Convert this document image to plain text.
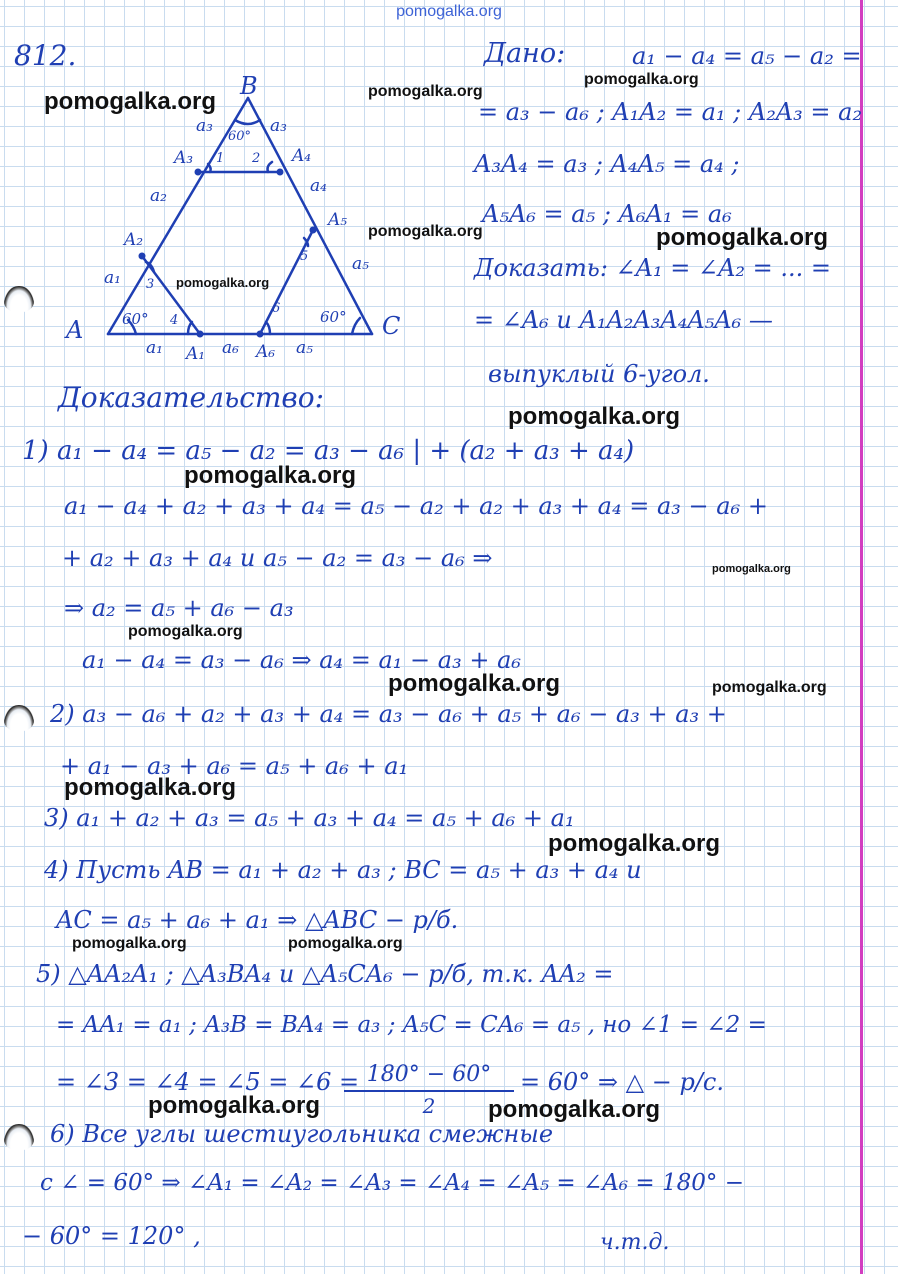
pomogalka.org
812.	Дано:	a₁ − a₄ = a₅ − a₂ =
= a₃ − a₆ ; A₁A₂ = a₁ ; A₂A₃ = a₂
A₃A₄ = a₃ ; A₄A₅ = a₄ ;
A₅A₆ = a₅ ; A₆A₁ = a₆
Доказать: ∠A₁ = ∠A₂ = ... =
= ∠A₆ и A₁A₂A₃A₄A₅A₆ —
выпуклый 6-угол.
B
A	C
60°
60°	60°
A₃	A₄
A₂
A₅
A₁	A₆
a₃	a₃
a₂	a₄
a₁
a₅
a₁	a₆	a₅
1 2
3
4
5
6
Доказательство:
1) a₁ − a₄ = a₅ − a₂ = a₃ − a₆ | + (a₂ + a₃ + a₄)
a₁ − a₄ + a₂ + a₃ + a₄ = a₅ − a₂ + a₂ + a₃ + a₄ = a₃ − a₆ +
+ a₂ + a₃ + a₄ и a₅ − a₂ = a₃ − a₆ ⇒
⇒ a₂ = a₅ + a₆ − a₃
a₁ − a₄ = a₃ − a₆ ⇒ a₄ = a₁ − a₃ + a₆
2) a₃ − a₆ + a₂ + a₃ + a₄ = a₃ − a₆ + a₅ + a₆ − a₃ + a₃ +
+ a₁ − a₃ + a₆ = a₅ + a₆ + a₁
3) a₁ + a₂ + a₃ = a₅ + a₃ + a₄ = a₅ + a₆ + a₁
4) Пусть AB = a₁ + a₂ + a₃ ; BC = a₅ + a₃ + a₄ и
AC = a₅ + a₆ + a₁ ⇒ △ABC − р/б.
5) △AA₂A₁ ; △A₃BA₄ и △A₅CA₆ − р/б, т.к. AA₂ =
= AA₁ = a₁ ; A₃B = BA₄ = a₃ ; A₅C = CA₆ = a₅ , но ∠1 = ∠2 =
= ∠3 = ∠4 = ∠5 = ∠6 = 180° − 60°
2
= 60° ⇒ △ − р/с.
6) Все углы шестиугольника смежные
с ∠ = 60° ⇒ ∠A₁ = ∠A₂ = ∠A₃ = ∠A₄ = ∠A₅ = ∠A₆ = 180° −
− 60° = 120° ,	ч.т.д.
pomogalka.org	pomogalka.org
pomogalka.org
pomogalka.org	pomogalka.org
pomogalka.org
pomogalka.org
pomogalka.org
pomogalka.org
pomogalka.org
pomogalka.org	pomogalka.org
pomogalka.org
pomogalka.org
pomogalka.org	pomogalka.org
pomogalka.org	pomogalka.org
